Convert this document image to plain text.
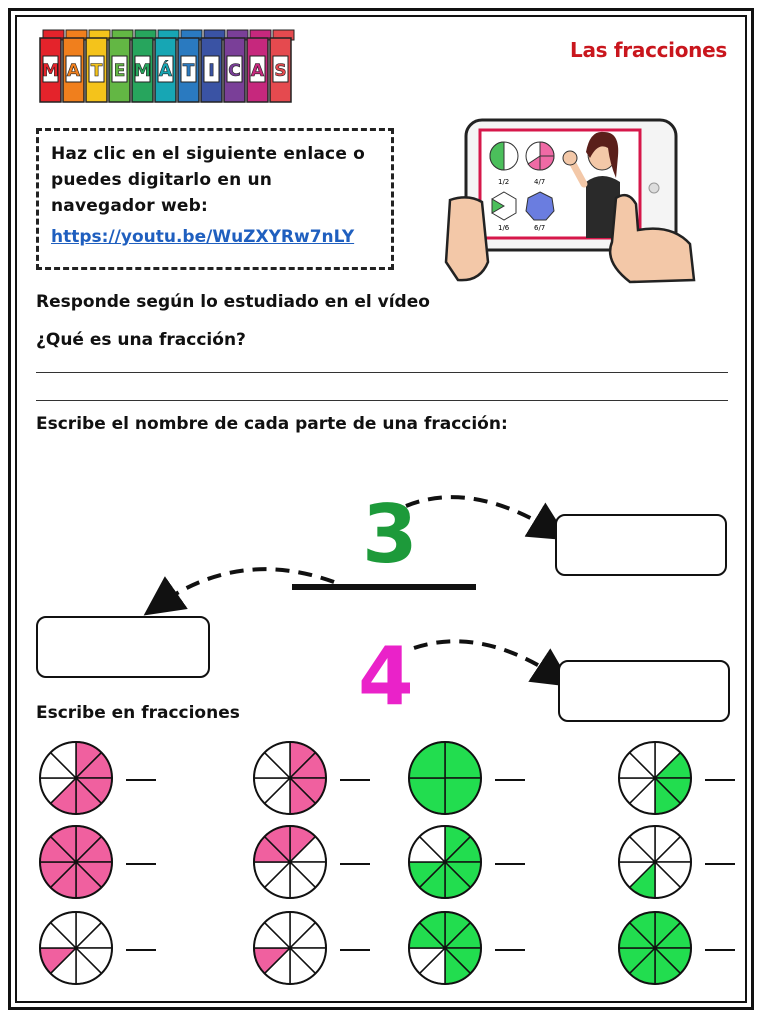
M A T E M Á T I C A S
Las fracciones

Haz clic en el siguiente enlace o puedes digitarlo en un navegador web:

https://youtu.be/WuZXYRw7nLY
1/2	4/7
1/6	6/7
Responde según lo estudiado en el vídeo
¿Qué es una fracción?
Escribe el nombre de cada parte de una fracción:
3
4
Escribe en fracciones
